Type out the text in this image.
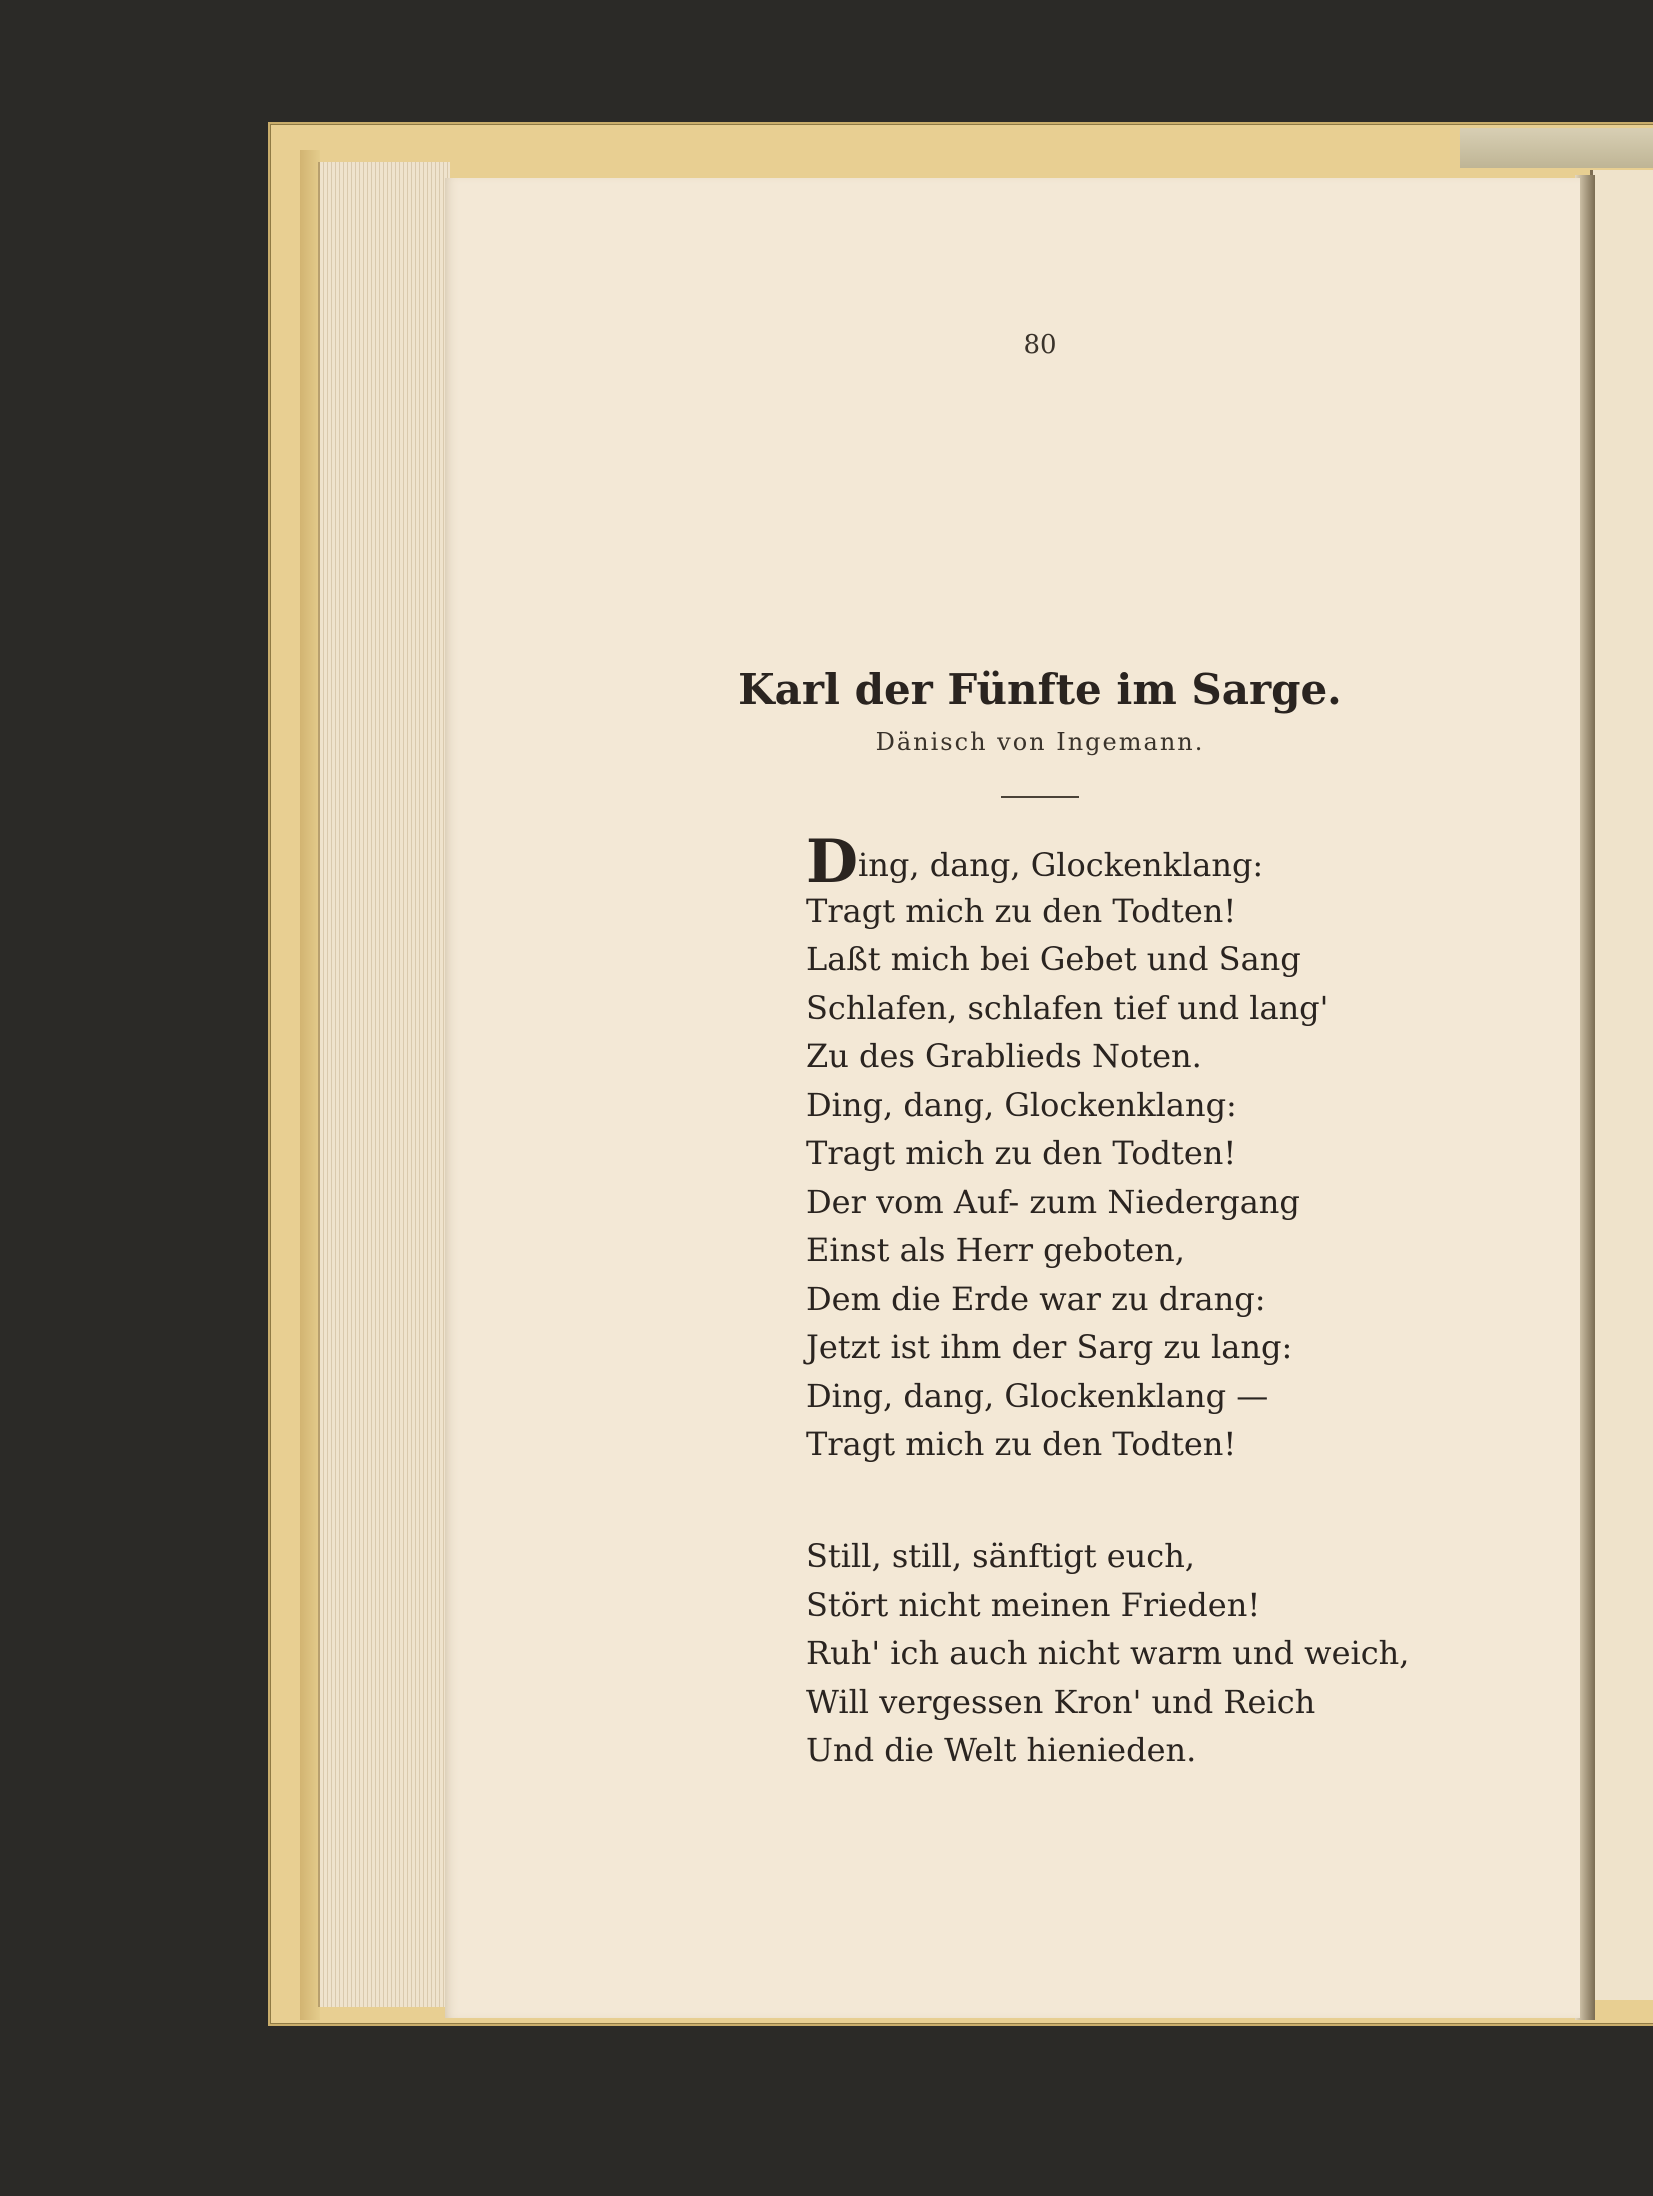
80
Karl der Fünfte im Sarge.
Dänisch von Ingemann.
Ding, dang, Glockenklang:
Tragt mich zu den Todten!
Laßt mich bei Gebet und Sang
Schlafen, schlafen tief und lang'
Zu des Grablieds Noten.
Ding, dang, Glockenklang:
Tragt mich zu den Todten!
Der vom Auf- zum Niedergang
Einst als Herr geboten,
Dem die Erde war zu drang:
Jetzt ist ihm der Sarg zu lang:
Ding, dang, Glockenklang —
Tragt mich zu den Todten!
Still, still, sänftigt euch,
Stört nicht meinen Frieden!
Ruh' ich auch nicht warm und weich,
Will vergessen Kron' und Reich
Und die Welt hienieden.
